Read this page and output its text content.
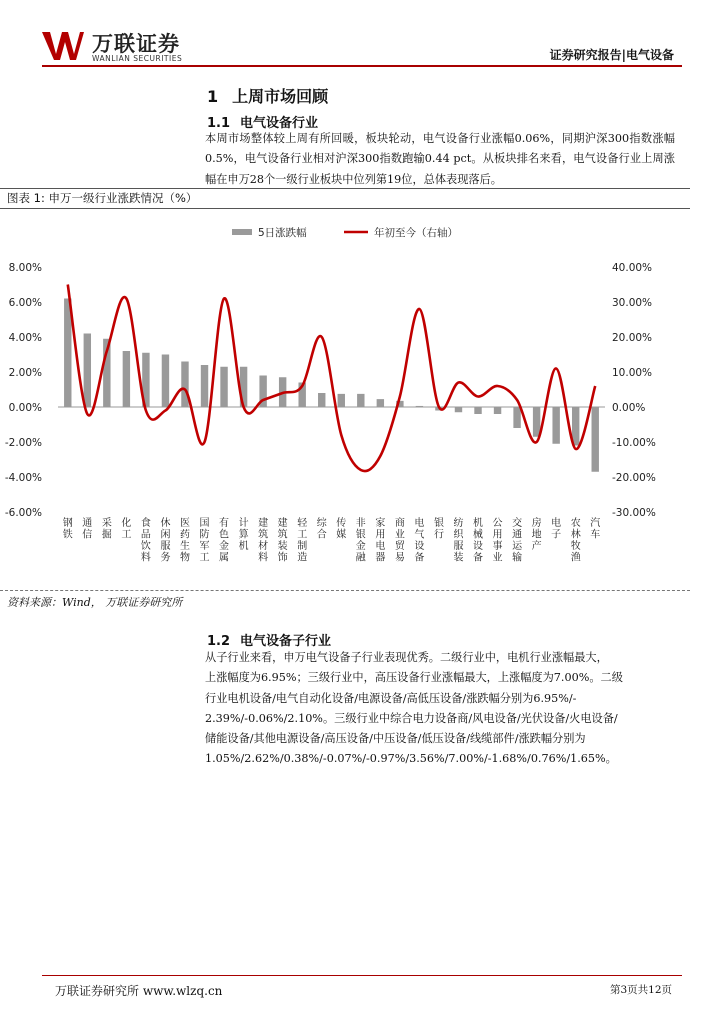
万联证券
WANLIAN SECURITIES	证券研究报告|电气设备
1 上周市场回顾
1.1 电气设备行业
本周市场整体较上周有所回暖，板块轮动，电气设备行业涨幅0.06%，同期沪深300指数涨幅0.5%，电气设备行业相对沪深300指数跑输0.44 pct。从板块排名来看，电气设备行业上周涨幅在申万28个一级行业板块中位列第19位，总体表现落后。
图表 1: 申万一级行业涨跌情况（%）
-6.00%
-4.00%
-2.00%
0.00%
2.00%
4.00%
6.00%
8.00%
-30.00%
-20.00%
-10.00%
0.00%
10.00%
20.00%
30.00%
40.00%
钢铁
通信
采掘
化工
食品饮料
休闲服务
医药生物
国防军工
有色金属
计算机
建筑材料
建筑装饰
轻工制造
综合
传媒
非银金融
家用电器
商业贸易
电气设备
银行
纺织服装
机械设备
公用事业
交通运输
房地产
电子
农林牧渔
汽车
5日涨跌幅	年初至今（右轴）
资料来源：Wind， 万联证券研究所
1.2 电气设备子行业
从子行业来看，申万电气设备子行业表现优秀。二级行业中，电机行业涨幅最大，
上涨幅度为6.95%；三级行业中，高压设备行业涨幅最大，上涨幅度为7.00%。二级
行业电机设备/电气自动化设备/电源设备/高低压设备/涨跌幅分别为6.95%/-
2.39%/-0.06%/2.10%。三级行业中综合电力设备商/风电设备/光伏设备/火电设备/
储能设备/其他电源设备/高压设备/中压设备/低压设备/线缆部件/涨跌幅分别为
1.05%/2.62%/0.38%/-0.07%/-0.97%/3.56%/7.00%/-1.68%/0.76%/1.65%。
万联证券研究所 www.wlzq.cn	第3页共12页
